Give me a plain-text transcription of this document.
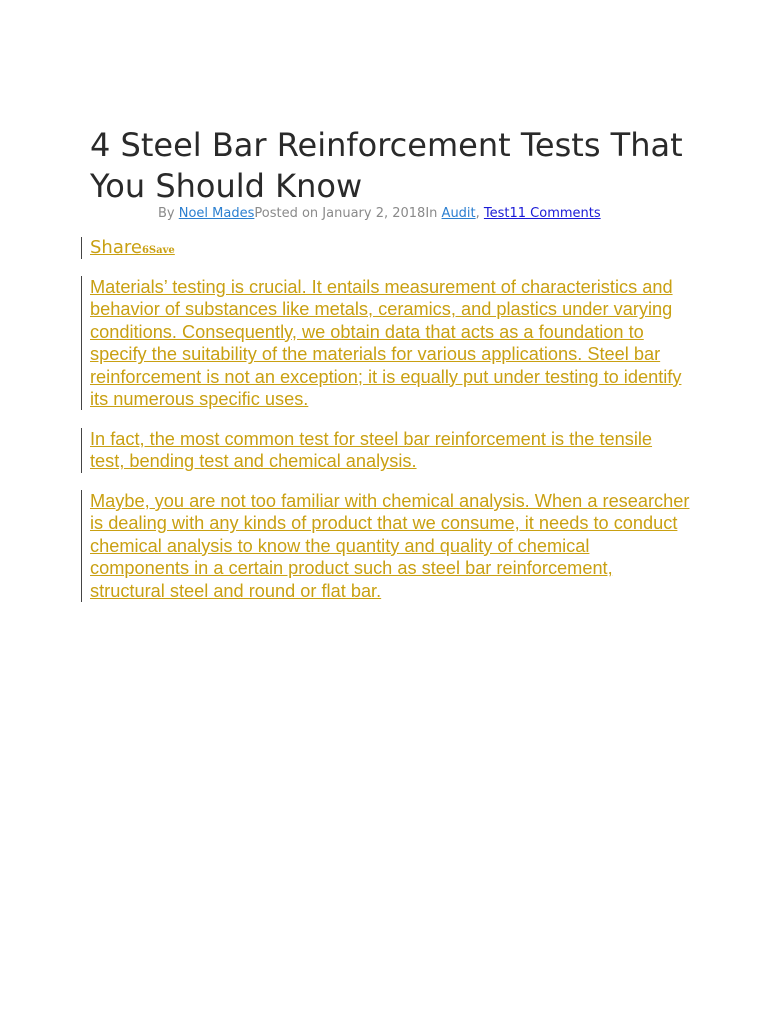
4 Steel Bar Reinforcement Tests That You Should Know
By Noel MadesPosted on January 2, 2018In Audit, Test11 Comments
Share 6Save

Materials’ testing is crucial. It entails measurement of characteristics and behavior of substances like metals, ceramics, and plastics under varying conditions. Consequently, we obtain data that acts as a foundation to specify the suitability of the materials for various applications. Steel bar reinforcement is not an exception; it is equally put under testing to identify its numerous specific uses.

In fact, the most common test for steel bar reinforcement is the tensile test, bending test and chemical analysis.

Maybe, you are not too familiar with chemical analysis. When a researcher is dealing with any kinds of product that we consume, it needs to conduct chemical analysis to know the quantity and quality of chemical components in a certain product such as steel bar reinforcement, structural steel and round or flat bar.
